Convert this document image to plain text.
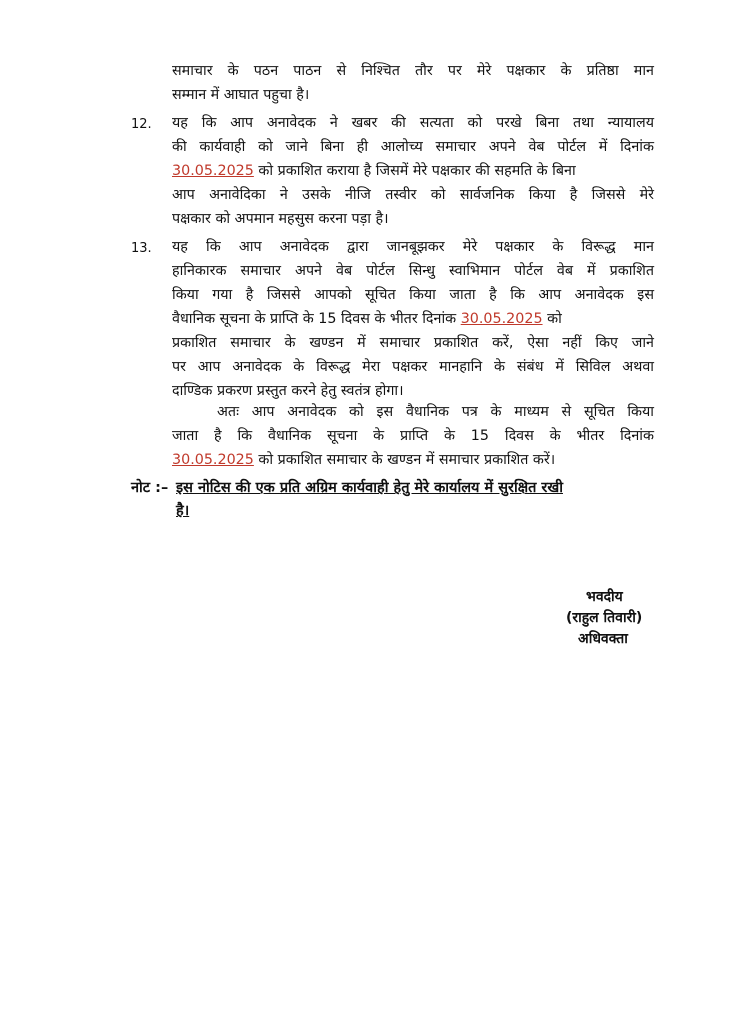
समाचार के पठन पाठन से निश्चित तौर पर मेरे पक्षकार के प्रतिष्ठा मान
सम्मान में आघात पहुचा है।
12. यह कि आप अनावेदक ने खबर की सत्यता को परखे बिना तथा न्यायालय
की कार्यवाही को जाने बिना ही आलोच्य समाचार अपने वेब पोर्टल में दिनांक
30.05.2025 को प्रकाशित कराया है जिसमें मेरे पक्षकार की सहमति के बिना
आप अनावेदिका ने उसके नीजि तस्वीर को सार्वजनिक किया है जिससे मेरे
पक्षकार को अपमान महसुस करना पड़ा है।
13. यह कि आप अनावेदक द्वारा जानबूझकर मेरे पक्षकार के विरूद्ध मान
हानिकारक समाचार अपने वेब पोर्टल सिन्धु स्वाभिमान पोर्टल वेब में प्रकाशित
किया गया है जिससे आपको सूचित किया जाता है कि आप अनावेदक इस
वैधानिक सूचना के प्राप्ति के 15 दिवस के भीतर दिनांक 30.05.2025 को
प्रकाशित समाचार के खण्डन में समाचार प्रकाशित करें, ऐसा नहीं किए जाने
पर आप अनावेदक के विरूद्ध मेरा पक्षकर मानहानि के संबंध में सिविल अथवा
दाण्डिक प्रकरण प्रस्तुत करने हेतु स्वतंत्र होगा।
अतः आप अनावेदक को इस वैधानिक पत्र के माध्यम से सूचित किया
जाता है कि वैधानिक सूचना के प्राप्ति के 15 दिवस के भीतर दिनांक
30.05.2025 को प्रकाशित समाचार के खण्डन में समाचार प्रकाशित करें।
नोट :– इस नोटिस की एक प्रति अग्रिम कार्यवाही हेतु मेरे कार्यालय में सुरक्षित रखी
है।
भवदीय
(राहुल तिवारी)
अधिवक्ता
